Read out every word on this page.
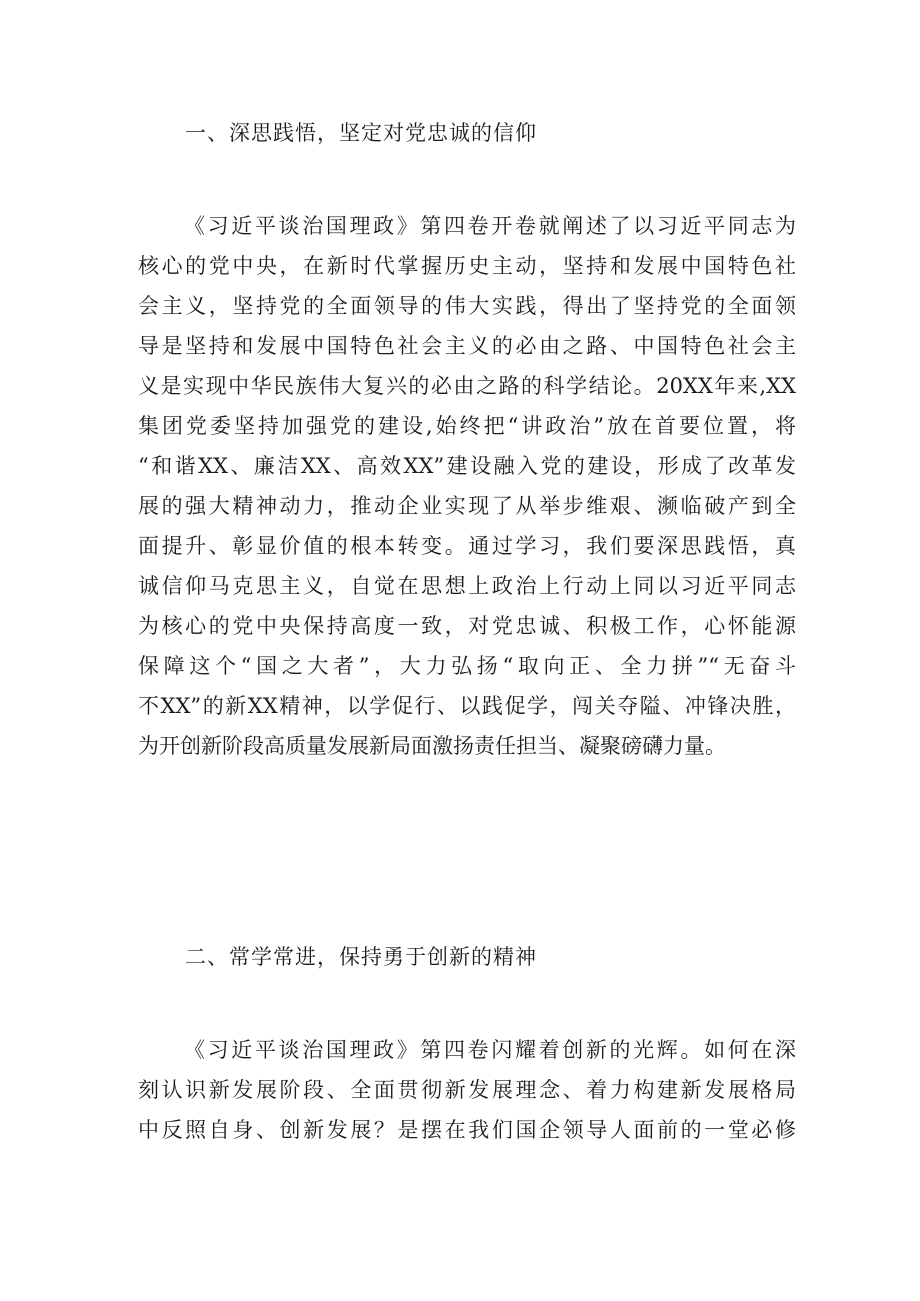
一、深思践悟，坚定对党忠诚的信仰
《习近平谈治国理政》第四卷开卷就阐述了以习近平同志为
核心的党中央，在新时代掌握历史主动，坚持和发展中国特色社
会主义，坚持党的全面领导的伟大实践，得出了坚持党的全面领
导是坚持和发展中国特色社会主义的必由之路、中国特色社会主
义是实现中华民族伟大复兴的必由之路的科学结论。20XX年来,XX
集团党委坚持加强党的建设,始终把“讲政治”放在首要位置，将
“和谐XX、廉洁XX、高效XX”建设融入党的建设，形成了改革发
展的强大精神动力，推动企业实现了从举步维艰、濒临破产到全
面提升、彰显价值的根本转变。通过学习，我们要深思践悟，真
诚信仰马克思主义，自觉在思想上政治上行动上同以习近平同志
为核心的党中央保持高度一致，对党忠诚、积极工作，心怀能源
保障这个“国之大者”，大力弘扬“取向正、全力拼”“无奋斗
不XX”的新XX精神，以学促行、以践促学，闯关夺隘、冲锋决胜，
为开创新阶段高质量发展新局面激扬责任担当、凝聚磅礴力量。
二、常学常进，保持勇于创新的精神
《习近平谈治国理政》第四卷闪耀着创新的光辉。如何在深
刻认识新发展阶段、全面贯彻新发展理念、着力构建新发展格局
中反照自身、创新发展？是摆在我们国企领导人面前的一堂必修
